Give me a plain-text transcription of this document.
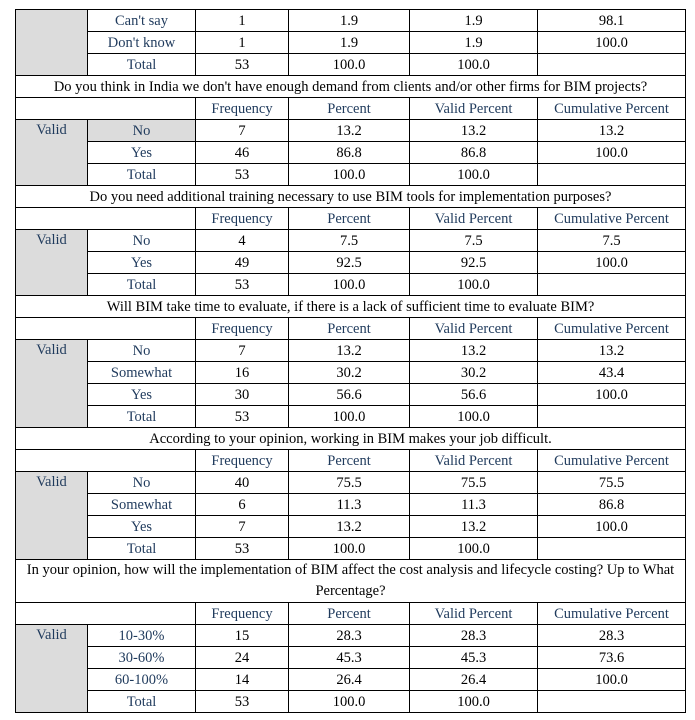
	Can't say	1	1.9	1.9	98.1
	Don't know	1	1.9	1.9	100.0
	Total	53	100.0	100.0	
Do you think in India we don't have enough demand from clients and/or other firms for BIM projects?					
		Frequency	Percent	Valid Percent	Cumulative Percent
Valid	No	7	13.2	13.2	13.2
	Yes	46	86.8	86.8	100.0
	Total	53	100.0	100.0	
Do you need additional training necessary to use BIM tools for implementation purposes?					
		Frequency	Percent	Valid Percent	Cumulative Percent
Valid	No	4	7.5	7.5	7.5
	Yes	49	92.5	92.5	100.0
	Total	53	100.0	100.0	
Will BIM take time to evaluate, if there is a lack of sufficient time to evaluate BIM?					
		Frequency	Percent	Valid Percent	Cumulative Percent
Valid	No	7	13.2	13.2	13.2
	Somewhat	16	30.2	30.2	43.4
	Yes	30	56.6	56.6	100.0
	Total	53	100.0	100.0	
According to your opinion, working in BIM makes your job difficult.					
		Frequency	Percent	Valid Percent	Cumulative Percent
Valid	No	40	75.5	75.5	75.5
	Somewhat	6	11.3	11.3	86.8
	Yes	7	13.2	13.2	100.0
	Total	53	100.0	100.0	
In your opinion, how will the implementation of BIM affect the cost analysis and lifecycle costing? Up to What Percentage?					
		Frequency	Percent	Valid Percent	Cumulative Percent
Valid	10-30%	15	28.3	28.3	28.3
	30-60%	24	45.3	45.3	73.6
	60-100%	14	26.4	26.4	100.0
	Total	53	100.0	100.0	
